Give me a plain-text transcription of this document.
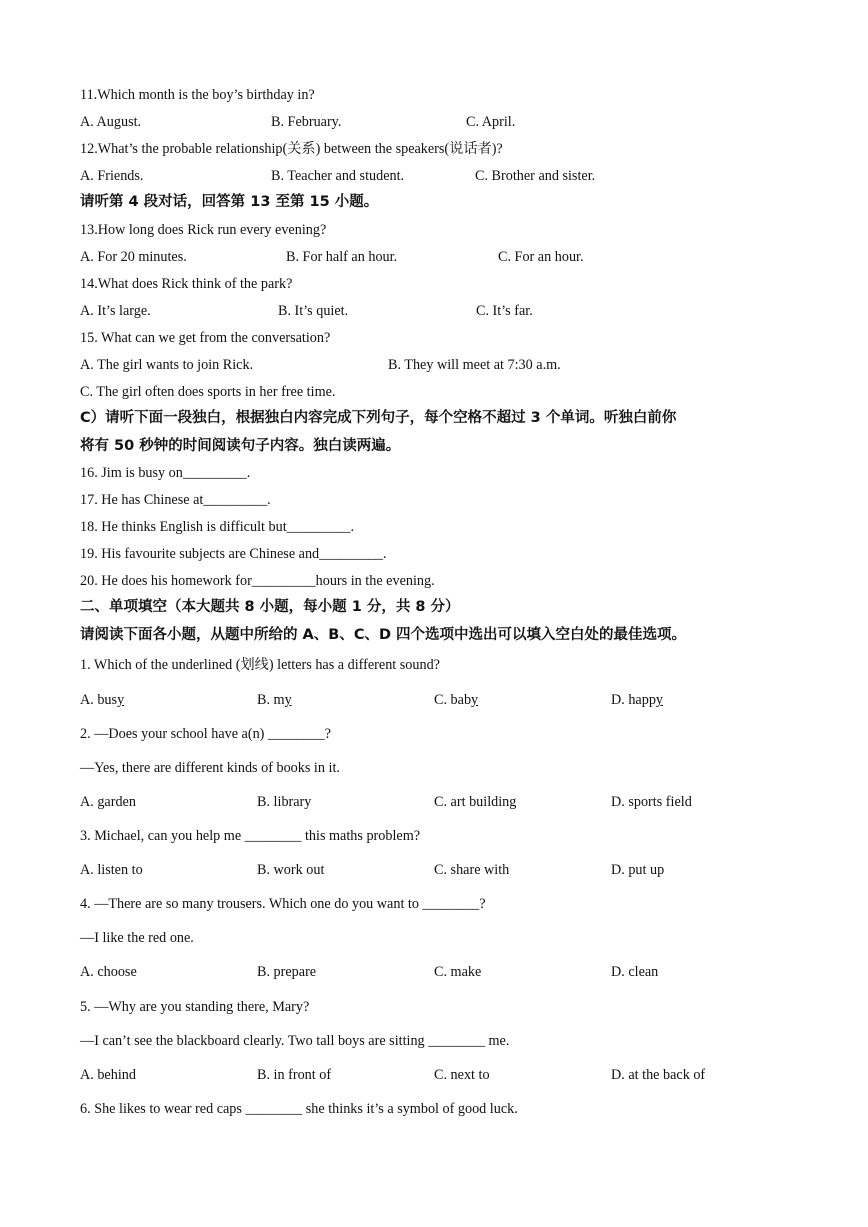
11.Which month is the boy’s birthday in?
A. August.	B. February.	C. April.
12.What’s the probable relationship(关系) between the speakers(说话者)?
A. Friends.	B. Teacher and student.	C. Brother and sister.
请听第 4 段对话，回答第 13 至第 15 小题。
13.How long does Rick run every evening?
A. For 20 minutes.	B. For half an hour.	C. For an hour.
14.What does Rick think of the park?
A. It’s large.	B. It’s quiet.	C. It’s far.
15. What can we get from the conversation?
A. The girl wants to join Rick.	B. They will meet at 7:30 a.m.
C. The girl often does sports in her free time.
C）请听下面一段独白，根据独白内容完成下列句子，每个空格不超过 3 个单词。听独白前你
将有 50 秒钟的时间阅读句子内容。独白读两遍。
16. Jim is busy on_________.
17. He has Chinese at_________.
18. He thinks English is difficult but_________.
19. His favourite subjects are Chinese and_________.
20. He does his homework for_________hours in the evening.
二、单项填空（本大题共 8 小题，每小题 1 分，共 8 分）
请阅读下面各小题，从题中所给的 A、B、C、D 四个选项中选出可以填入空白处的最佳选项。
1. Which of the underlined (划线) letters has a different sound?
A. busy	B. my	C. baby	D. happy
2. —Does your school have a(n) ________?
—Yes, there are different kinds of books in it.
A. garden	B. library	C. art building	D. sports field
3. Michael, can you help me ________ this maths problem?
A. listen to	B. work out	C. share with	D. put up
4. —There are so many trousers. Which one do you want to ________?
—I like the red one.
A. choose	B. prepare	C. make	D. clean
5. —Why are you standing there, Mary?
—I can’t see the blackboard clearly. Two tall boys are sitting ________ me.
A. behind	B. in front of	C. next to	D. at the back of
6. She likes to wear red caps ________ she thinks it’s a symbol of good luck.
